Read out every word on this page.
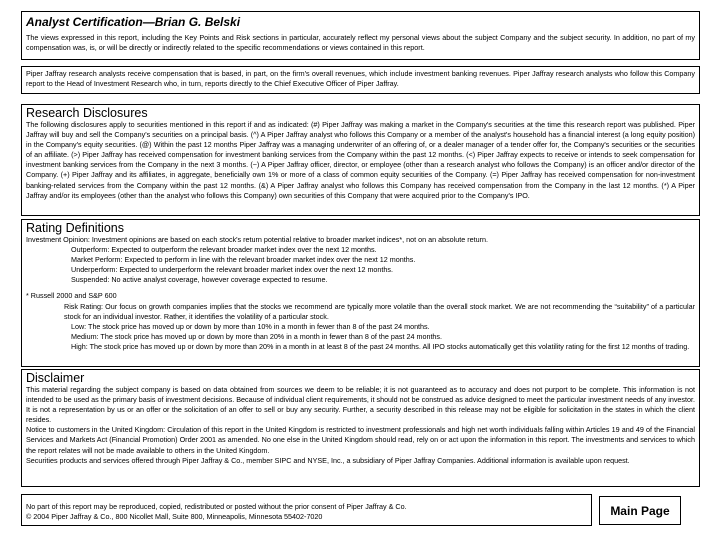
Analyst Certification—Brian G. Belski

The views expressed in this report, including the Key Points and Risk sections in particular, accurately reflect my personal views about the subject Company and the subject security. In addition, no part of my compensation was, is, or will be directly or indirectly related to the specific recommendations or views contained in this report.

Piper Jaffray research analysts receive compensation that is based, in part, on the firm's overall revenues, which include investment banking revenues. Piper Jaffray research analysts who follow this Company report to the Head of Investment Research who, in turn, reports directly to the Chief Executive Officer of Piper Jaffray.

Research Disclosures

The following disclosures apply to securities mentioned in this report if and as indicated: (#) Piper Jaffray was making a market in the Company's securities at the time this research report was published. Piper Jaffray will buy and sell the Company's securities on a principal basis. (^) A Piper Jaffray analyst who follows this Company or a member of the analyst's household has a financial interest (a long equity position) in the Company's equity securities. (@) Within the past 12 months Piper Jaffray was a managing underwriter of an offering of, or a dealer manager of a tender offer for, the Company's securities or the securities of an affiliate. (>) Piper Jaffray has received compensation for investment banking services from the Company within the past 12 months. (<) Piper Jaffray expects to receive or intends to seek compensation for investment banking services from the Company in the next 3 months. (~) A Piper Jaffray officer, director, or employee (other than a research analyst who follows the Company) is an officer and/or director of the Company. (+) Piper Jaffray and its affiliates, in aggregate, beneficially own 1% or more of a class of common equity securities of the Company. (=) Piper Jaffray has received compensation for non-investment banking-related services from the Company within the past 12 months. (&) A Piper Jaffray analyst who follows this Company has received compensation from the Company in the last 12 months. (*) A Piper Jaffray and/or its employees (other than the analyst who follows this Company) own securities of this Company that were acquired prior to the Company's IPO.

Rating Definitions

Investment Opinion: Investment opinions are based on each stock's return potential relative to broader market indices*, not on an absolute return.

Outperform: Expected to outperform the relevant broader market index over the next 12 months.

Market Perform: Expected to perform in line with the relevant broader market index over the next 12 months.

Underperform: Expected to underperform the relevant broader market index over the next 12 months.

Suspended: No active analyst coverage, however coverage expected to resume.

* Russell 2000 and S&P 600

Risk Rating: Our focus on growth companies implies that the stocks we recommend are typically more volatile than the overall stock market. We are not recommending the “suitability” of a particular stock for an individual investor. Rather, it identifies the volatility of a particular stock.

Low: The stock price has moved up or down by more than 10% in a month in fewer than 8 of the past 24 months.

Medium: The stock price has moved up or down by more than 20% in a month in fewer than 8 of the past 24 months.

High: The stock price has moved up or down by more than 20% in a month in at least 8 of the past 24 months. All IPO stocks automatically get this volatility rating for the first 12 months of trading.

Disclaimer

This material regarding the subject company is based on data obtained from sources we deem to be reliable; it is not guaranteed as to accuracy and does not purport to be complete. This information is not intended to be used as the primary basis of investment decisions. Because of individual client requirements, it should not be construed as advice designed to meet the particular investment needs of any investor. It is not a representation by us or an offer or the solicitation of an offer to sell or buy any security. Further, a security described in this release may not be eligible for solicitation in the states in which the client resides.

Notice to customers in the United Kingdom: Circulation of this report in the United Kingdom is restricted to investment professionals and high net worth individuals falling within Articles 19 and 49 of the Financial Services and Markets Act (Financial Promotion) Order 2001 as amended. No one else in the United Kingdom should read, rely on or act upon the information in this report. The investments and services to which the report relates will not be made available to others in the United Kingdom.

Securities products and services offered through Piper Jaffray & Co., member SIPC and NYSE, Inc., a subsidiary of Piper Jaffray Companies. Additional information is available upon request.

No part of this report may be reproduced, copied, redistributed or posted without the prior consent of Piper Jaffray & Co.

© 2004 Piper Jaffray & Co., 800 Nicollet Mall, Suite 800, Minneapolis, Minnesota 55402-7020	Main Page
